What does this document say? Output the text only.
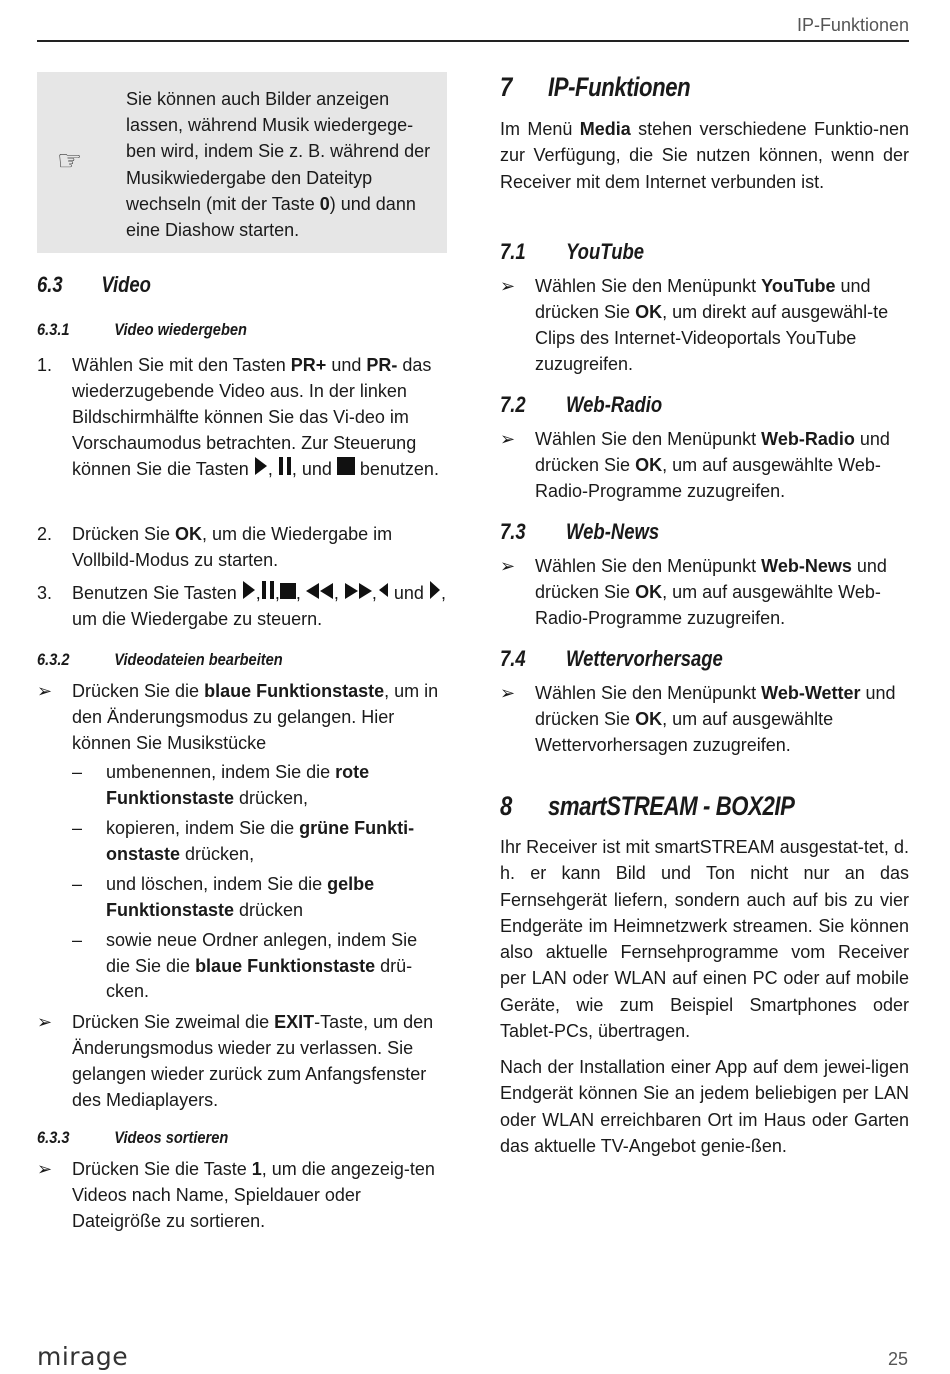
IP-Funktionen
☞
Sie können auch Bilder anzeigen lassen, während Musik wiedergege-ben wird, indem Sie z. B. während der Musikwiedergabe den Dateityp wechseln (mit der Taste 0) und dann eine Diashow starten.
6.3 Video
6.3.1	Video wiedergeben
1. Wählen Sie mit den Tasten PR+ und PR- das wiederzugebende Video aus. In der linken Bildschirmhälfte können Sie das Vi-deo im Vorschaumodus betrachten. Zur Steuerung können Sie die Tasten , , und  benutzen.
2. Drücken Sie OK, um die Wiedergabe im Vollbild-Modus zu starten.
3. Benutzen Sie Tasten , , , , , und , um die Wiedergabe zu steuern.
6.3.2	Videodateien bearbeiten
➢ Drücken Sie die blaue Funktionstaste, um in den Änderungsmodus zu gelangen. Hier können Sie Musikstücke
– umbenennen, indem Sie die rote Funktionstaste drücken,
– kopieren, indem Sie die grüne Funkti-onstaste drücken,
– und löschen, indem Sie die gelbe Funktionstaste drücken
– sowie neue Ordner anlegen, indem Sie die Sie die blaue Funktionstaste drü-cken.
➢ Drücken Sie zweimal die EXIT-Taste, um den Änderungsmodus wieder zu verlassen. Sie gelangen wieder zurück zum Anfangsfenster des Mediaplayers.
6.3.3	Videos sortieren
➢ Drücken Sie die Taste 1, um die angezeig-ten Videos nach Name, Spieldauer oder Dateigröße zu sortieren.
7 IP-Funktionen
Im Menü Media stehen verschiedene Funktio-nen zur Verfügung, die Sie nutzen können, wenn der Receiver mit dem Internet verbunden ist.
7.1 YouTube
➢ Wählen Sie den Menüpunkt YouTube und drücken Sie OK, um direkt auf ausgewähl-te Clips des Internet-Videoportals YouTube zuzugreifen.
7.2 Web-Radio
➢ Wählen Sie den Menüpunkt Web-Radio und drücken Sie OK, um auf ausgewählte Web-Radio-Programme zuzugreifen.
7.3 Web-News
➢ Wählen Sie den Menüpunkt Web-News und drücken Sie OK, um auf ausgewählte Web-Radio-Programme zuzugreifen.
7.4 Wettervorhersage
➢ Wählen Sie den Menüpunkt Web-Wetter und drücken Sie OK, um auf ausgewählte Wettervorhersagen zuzugreifen.
8 smartSTREAM - BOX2IP
Ihr Receiver ist mit smartSTREAM ausgestat-tet, d. h. er kann Bild und Ton nicht nur an das Fernsehgerät liefern, sondern auch auf bis zu vier Endgeräte im Heimnetzwerk streamen. Sie können also aktuelle Fernsehprogramme vom Receiver per LAN oder WLAN auf einen PC oder auf mobile Geräte, wie zum Beispiel Smartphones oder Tablet-PCs, übertragen.
Nach der Installation einer App auf dem jewei-ligen Endgerät können Sie an jedem beliebigen per LAN oder WLAN erreichbaren Ort im Haus oder Garten das aktuelle TV-Angebot genie-ßen.
mirage	25
